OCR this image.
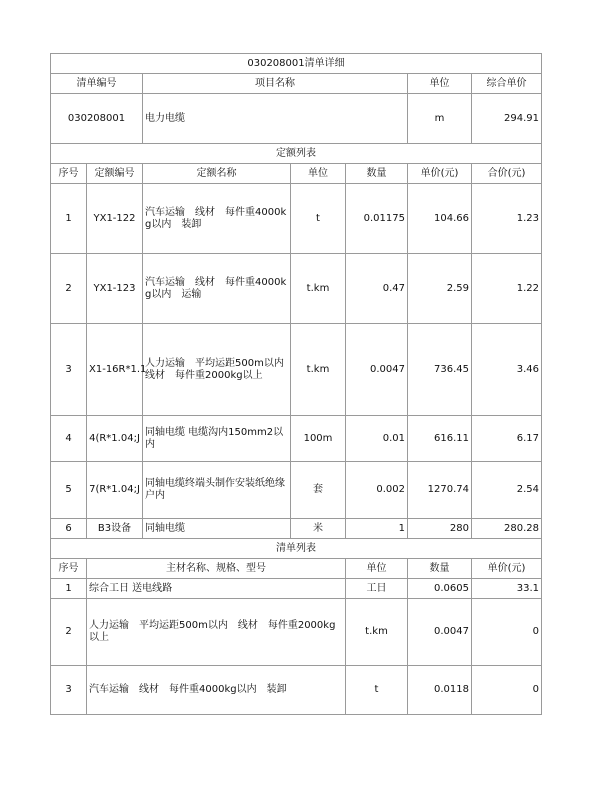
030208001清单详细							
清单编号		项目名称			单位	综合单价	
030208001		电力电缆			m	294.91	
定额列表							
序号	定额编号	定额名称	单位	数量	单价(元)	合价(元)	
1	YX1-122	汽车运输　线材　每件重4000kg以内　装卸	t	0.01175	104.66	1.23	
2	YX1-123	汽车运输　线材　每件重4000kg以内　运输	t.km	0.47	2.59	1.22	
3	X1-16R*1.1	人力运输　平均运距500m以内　线材　每件重2000kg以上	t.km	0.0047	736.45	3.46	
4	4(R*1.04;J	同轴电缆 电缆沟内150mm2以内	100m	0.01	616.11	6.17	
5	7(R*1.04;J	同轴电缆终端头制作安装纸绝缘　户内	套	0.002	1270.74	2.54	
6	B3设备	同轴电缆	米	1	280	280.28	
清单列表							
序号	主材名称、规格、型号			单位	数量	单价(元)	
1	综合工日 送电线路			工日	0.0605	33.1	
2	人力运输　平均运距500m以内　线材　每件重2000kg以上			t.km	0.0047	0	
3	汽车运输　线材　每件重4000kg以内　装卸			t	0.0118	0	
